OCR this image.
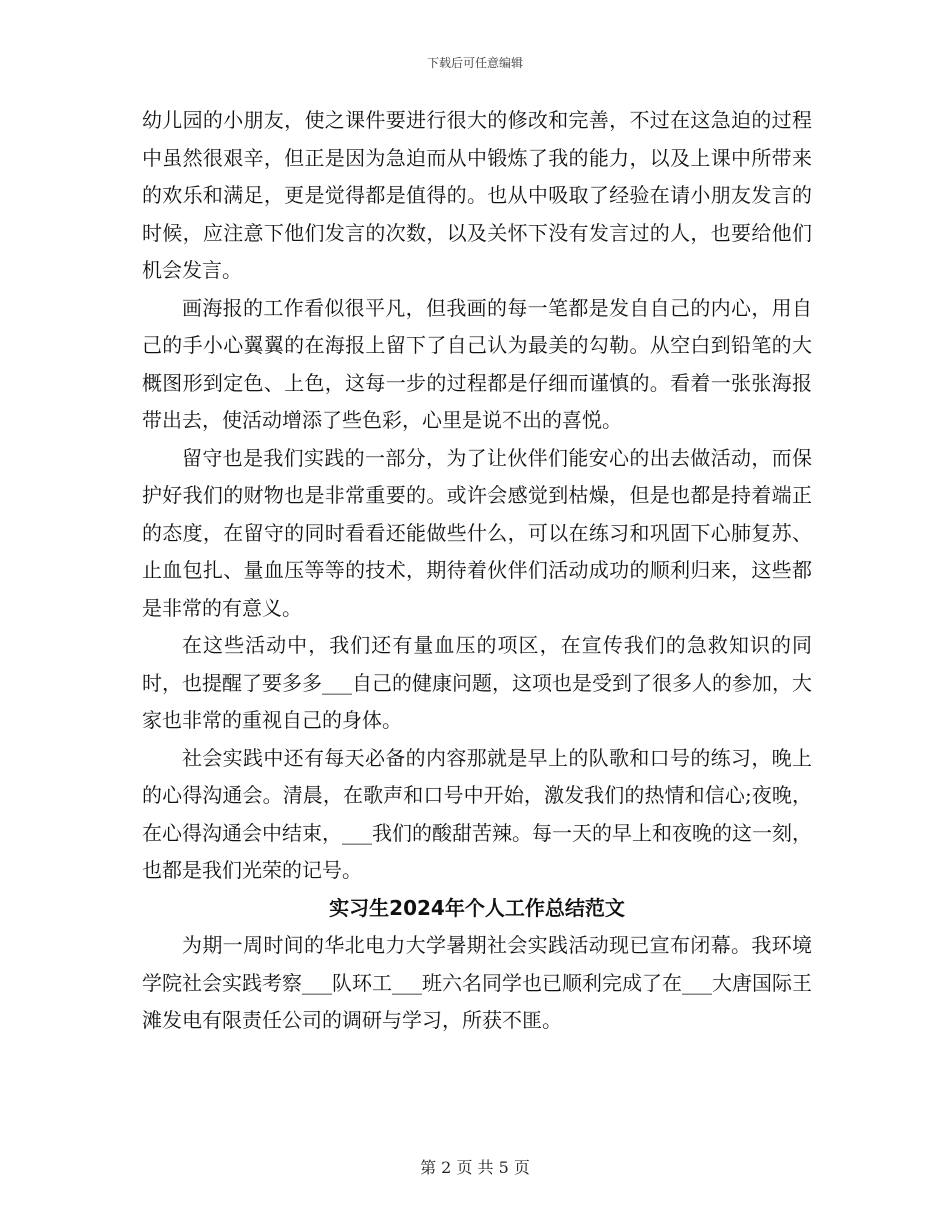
下载后可任意编辑

幼儿园的小朋友，使之课件要进行很大的修改和完善，不过在这急迫的过程中虽然很艰辛，但正是因为急迫而从中锻炼了我的能力，以及上课中所带来的欢乐和满足，更是觉得都是值得的。也从中吸取了经验在请小朋友发言的时候，应注意下他们发言的次数，以及关怀下没有发言过的人，也要给他们机会发言。

画海报的工作看似很平凡，但我画的每一笔都是发自自己的内心，用自己的手小心翼翼的在海报上留下了自己认为最美的勾勒。从空白到铅笔的大概图形到定色、上色，这每一步的过程都是仔细而谨慎的。看着一张张海报带出去，使活动增添了些色彩，心里是说不出的喜悦。

留守也是我们实践的一部分，为了让伙伴们能安心的出去做活动，而保护好我们的财物也是非常重要的。或许会感觉到枯燥，但是也都是持着端正的态度，在留守的同时看看还能做些什么，可以在练习和巩固下心肺复苏、止血包扎、量血压等等的技术，期待着伙伴们活动成功的顺利归来，这些都是非常的有意义。

在这些活动中，我们还有量血压的项区，在宣传我们的急救知识的同时，也提醒了要多多___自己的健康问题，这项也是受到了很多人的参加，大家也非常的重视自己的身体。

社会实践中还有每天必备的内容那就是早上的队歌和口号的练习，晚上的心得沟通会。清晨，在歌声和口号中开始，激发我们的热情和信心;夜晚，在心得沟通会中结束，___我们的酸甜苦辣。每一天的早上和夜晚的这一刻，也都是我们光荣的记号。

实习生2024年个人工作总结范文

为期一周时间的华北电力大学暑期社会实践活动现已宣布闭幕。我环境学院社会实践考察___队环工___班六名同学也已顺利完成了在___大唐国际王滩发电有限责任公司的调研与学习，所获不匪。

第 2 页 共 5 页
